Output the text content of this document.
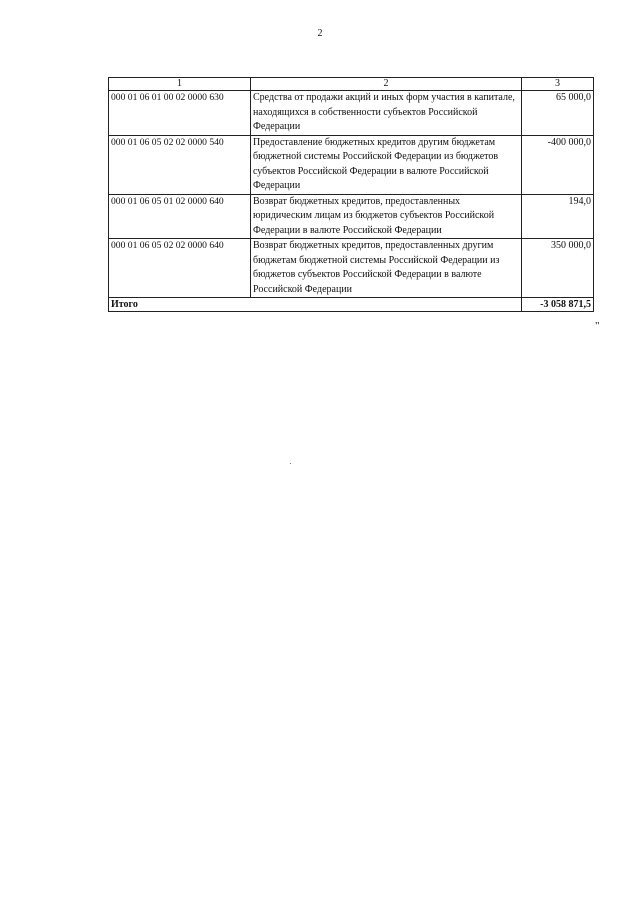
2
1	2	3
000 01 06 01 00 02 0000 630	Средства от продажи акций и иных форм участия в капитале, находящихся в собственности субъектов Российской Федерации	65 000,0
000 01 06 05 02 02 0000 540	Предоставление бюджетных кредитов другим бюджетам бюджетной системы Российской Федерации из бюджетов субъектов Российской Федерации в валюте Российской Федерации	-400 000,0
000 01 06 05 01 02 0000 640	Возврат бюджетных кредитов, предоставленных юридическим лицам из бюджетов субъектов Российской Федерации в валюте Российской Федерации	194,0
000 01 06 05 02 02 0000 640	Возврат бюджетных кредитов, предоставленных другим бюджетам бюджетной системы Российской Федерации из бюджетов субъектов Российской Федерации в валюте Российской Федерации	350 000,0
Итого		-3 058 871,5
"
